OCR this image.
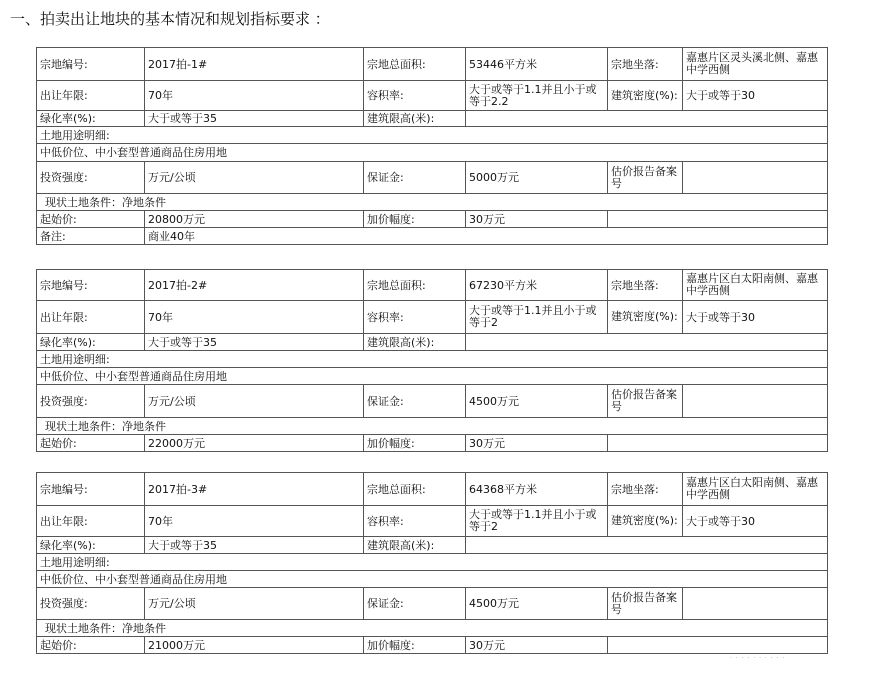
一、拍卖出让地块的基本情况和规划指标要求 ：
宗地编号:	2017拍-1#	宗地总面积:	53446平方米	宗地坐落:	嘉惠片区灵头溪北侧、嘉惠中学西侧
出让年限:	70年	容积率:	大于或等于1.1并且小于或等于2.2	建筑密度(%):	大于或等于30
绿化率(%):	大于或等于35	建筑限高(米):			
土地用途明细:					
中低价位、中小套型普通商品住房用地					
投资强度:	万元/公顷	保证金:	5000万元	估价报告备案号	
现状土地条件：净地条件					
起始价:	20800万元	加价幅度:	30万元		
备注:	商业40年				
宗地编号:	2017拍-2#	宗地总面积:	67230平方米	宗地坐落:	嘉惠片区白太阳南侧、嘉惠中学西侧
出让年限:	70年	容积率:	大于或等于1.1并且小于或等于2	建筑密度(%):	大于或等于30
绿化率(%):	大于或等于35	建筑限高(米):			
土地用途明细:					
中低价位、中小套型普通商品住房用地					
投资强度:	万元/公顷	保证金:	4500万元	估价报告备案号	
现状土地条件：净地条件					
起始价:	22000万元	加价幅度:	30万元		
宗地编号:	2017拍-3#	宗地总面积:	64368平方米	宗地坐落:	嘉惠片区白太阳南侧、嘉惠中学西侧
出让年限:	70年	容积率:	大于或等于1.1并且小于或等于2	建筑密度(%):	大于或等于30
绿化率(%):	大于或等于35	建筑限高(米):			
土地用途明细:					
中低价位、中小套型普通商品住房用地					
投资强度:	万元/公顷	保证金:	4500万元	估价报告备案号	
现状土地条件：净地条件					
起始价:	21000万元	加价幅度:	30万元		
· · · · · · · · · ·
